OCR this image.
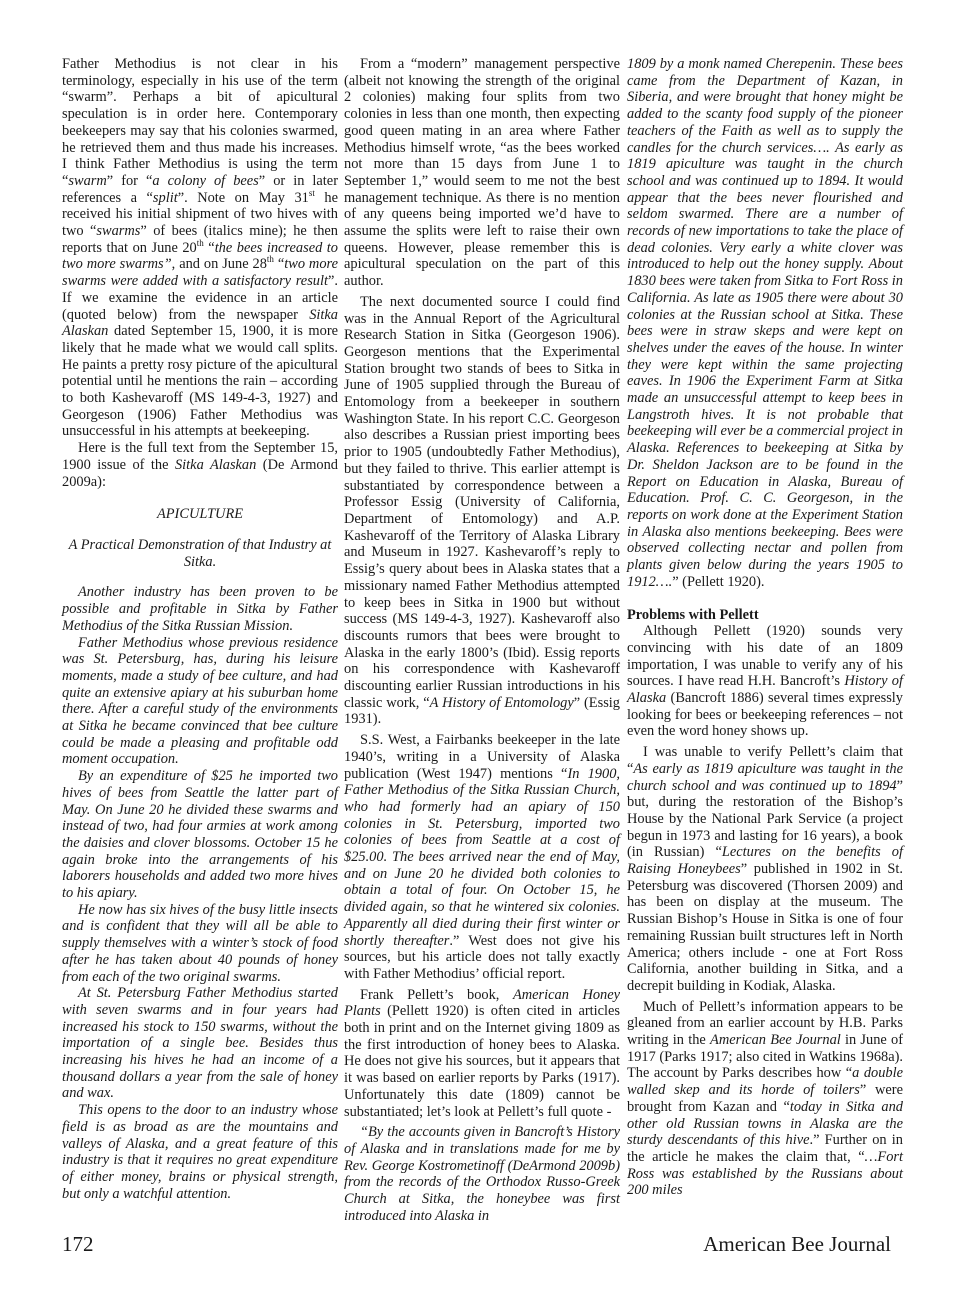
Father Methodius is not clear in his terminology, especially in his use of the term “swarm”. Perhaps a bit of apicultural speculation is in order here. Contemporary beekeepers may say that his colonies swarmed, he retrieved them and thus made his increases. I think Father Methodius is using the term “swarm” for “a colony of bees” or in later references a “split”. Note on May 31st he received his initial shipment of two hives with two “swarms” of bees (italics mine); he then reports that on June 20th “the bees increased to two more swarms”, and on June 28th “two more swarms were added with a satisfactory result”. If we examine the evidence in an article (quoted below) from the newspaper Sitka Alaskan dated September 15, 1900, it is more likely that he made what we would call splits. He paints a pretty rosy picture of the apicultural potential until he mentions the rain – according to both Kashevaroff (MS 149-4-3, 1927) and Georgeson (1906) Father Methodius was unsuccessful in his attempts at beekeeping.

Here is the full text from the September 15, 1900 issue of the Sitka Alaskan (De Armond 2009a):

APICULTURE

A Practical Demonstration of that Industry at Sitka.

Another industry has been proven to be possible and profitable in Sitka by Father Methodius of the Sitka Russian Mission.

Father Methodius whose previous residence was St. Petersburg, has, during his leisure moments, made a study of bee culture, and had quite an extensive apiary at his suburban home there. After a careful study of the environments at Sitka he became convinced that bee culture could be made a pleasing and profitable odd moment occupation.

By an expenditure of $25 he imported two hives of bees from Seattle the latter part of May. On June 20 he divided these swarms and instead of two, had four armies at work among the daisies and clover blossoms. October 15 he again broke into the arrangements of his laborers households and added two more hives to his apiary.

He now has six hives of the busy little insects and is confident that they will all be able to supply themselves with a winter’s stock of food after he has taken about 40 pounds of honey from each of the two original swarms.

At St. Petersburg Father Methodius started with seven swarms and in four years had increased his stock to 150 swarms, without the importation of a single bee. Besides thus increasing his hives he had an income of a thousand dollars a year from the sale of honey and wax.

This opens to the door to an industry whose field is as broad as are the mountains and valleys of Alaska, and a great feature of this industry is that it requires no great expenditure of either money, brains or physical strength, but only a watchful attention.

From a “modern” management perspective (albeit not knowing the strength of the original 2 colonies) making four splits from two colonies in less than one month, then expecting good queen mating in an area where Father Methodius himself wrote, “as the bees worked not more than 15 days from June 1 to September 1,” would seem to me not the best management technique. As there is no mention of any queens being imported we’d have to assume the splits were left to raise their own queens. However, please remember this is apicultural speculation on the part of this author.

The next documented source I could find was in the Annual Report of the Agricultural Research Station in Sitka (Georgeson 1906). Georgeson mentions that the Experimental Station brought two stands of bees to Sitka in June of 1905 supplied through the Bureau of Entomology from a beekeeper in southern Washington State. In his report C.C. Georgeson also describes a Russian priest importing bees prior to 1905 (undoubtedly Father Methodius), but they failed to thrive. This earlier attempt is substantiated by correspondence between a Professor Essig (University of California, Department of Entomology) and A.P. Kashevaroff of the Territory of Alaska Library and Museum in 1927. Kashevaroff’s reply to Essig’s query about bees in Alaska states that a missionary named Father Methodius attempted to keep bees in Sitka in 1900 but without success (MS 149-4-3, 1927). Kashevaroff also discounts rumors that bees were brought to Alaska in the early 1800’s (Ibid). Essig reports on his correspondence with Kashevaroff discounting earlier Russian introductions in his classic work, “A History of Entomology” (Essig 1931).

S.S. West, a Fairbanks beekeeper in the late 1940’s, writing in a University of Alaska publication (West 1947) mentions “In 1900, Father Methodius of the Sitka Russian Church, who had formerly had an apiary of 150 colonies in St. Petersburg, imported two colonies of bees from Seattle at a cost of $25.00. The bees arrived near the end of May, and on June 20 he divided both colonies to obtain a total of four. On October 15, he divided again, so that he wintered six colonies. Apparently all died during their first winter or shortly thereafter.” West does not give his sources, but his article does not tally exactly with Father Methodius’ official report.

Frank Pellett’s book, American Honey Plants (Pellett 1920) is often cited in articles both in print and on the Internet giving 1809 as the first introduction of honey bees to Alaska. He does not give his sources, but it appears that it was based on earlier reports by Parks (1917). Unfortunately this date (1809) cannot be substantiated; let’s look at Pellett’s full quote -

“By the accounts given in Bancroft’s History of Alaska and in translations made for me by Rev. George Kostrometinoff (DeArmond 2009b) from the records of the Orthodox Russo-Greek Church at Sitka, the honeybee was first introduced into Alaska in

1809 by a monk named Cherepenin. These bees came from the Department of Kazan, in Siberia, and were brought that honey might be added to the scanty food supply of the pioneer teachers of the Faith as well as to supply the candles for the church services…. As early as 1819 apiculture was taught in the church school and was continued up to 1894. It would appear that the bees never flourished and seldom swarmed. There are a number of records of new importations to take the place of dead colonies. Very early a white clover was introduced to help out the honey supply. About 1830 bees were taken from Sitka to Fort Ross in California. As late as 1905 there were about 30 colonies at the Russian school at Sitka. These bees were in straw skeps and were kept on shelves under the eaves of the house. In winter they were kept within the same projecting eaves. In 1906 the Experiment Farm at Sitka made an unsuccessful attempt to keep bees in Langstroth hives. It is not probable that beekeeping will ever be a commercial project in Alaska. References to beekeeping at Sitka by Dr. Sheldon Jackson are to be found in the Report on Education in Alaska, Bureau of Education. Prof. C. C. Georgeson, in the reports on work done at the Experiment Station in Alaska also mentions beekeeping. Bees were observed collecting nectar and pollen from plants given below during the years 1905 to 1912….” (Pellett 1920).

Problems with Pellett

Although Pellett (1920) sounds very convincing with his date of an 1809 importation, I was unable to verify any of his sources. I have read H.H. Bancroft’s History of Alaska (Bancroft 1886) several times expressly looking for bees or beekeeping references – not even the word honey shows up.

I was unable to verify Pellett’s claim that “As early as 1819 apiculture was taught in the church school and was continued up to 1894” but, during the restoration of the Bishop’s House by the National Park Service (a project begun in 1973 and lasting for 16 years), a book (in Russian) “Lectures on the benefits of Raising Honeybees” published in 1902 in St. Petersburg was discovered (Thorsen 2009) and has been on display at the museum. The Russian Bishop’s House in Sitka is one of four remaining Russian built structures left in North America; others include - one at Fort Ross California, another building in Sitka, and a decrepit building in Kodiak, Alaska.

Much of Pellett’s information appears to be gleaned from an earlier account by H.B. Parks writing in the American Bee Journal in June of 1917 (Parks 1917; also cited in Watkins 1968a). The account by Parks describes how “a double walled skep and its horde of toilers” were brought from Kazan and “today in Sitka and other old Russian towns in Alaska are the sturdy descendants of this hive.” Further on in the article he makes the claim that, “…Fort Ross was established by the Russians about 200 miles

172	American Bee Journal
